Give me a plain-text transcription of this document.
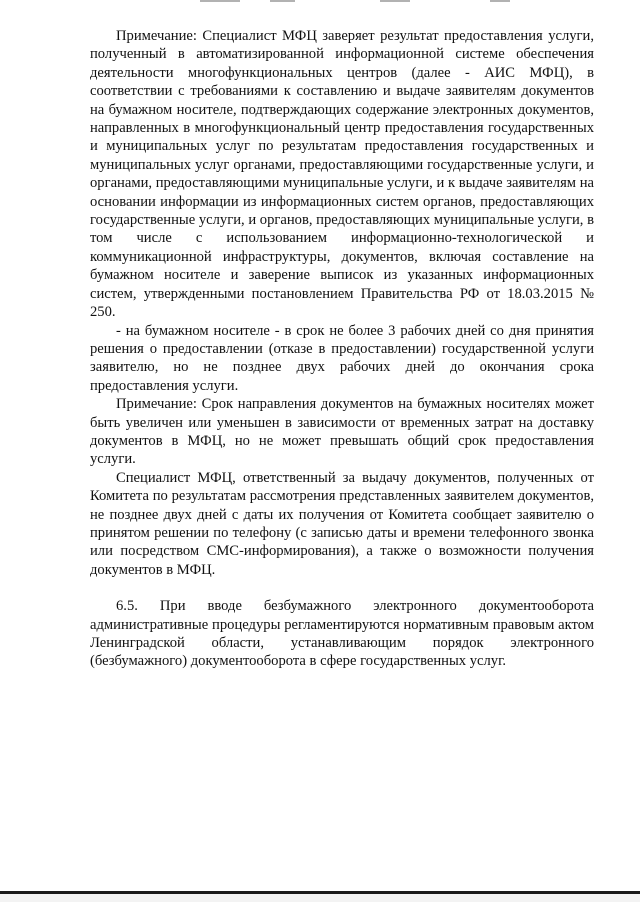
Примечание: Специалист МФЦ заверяет результат предоставления услуги, полученный в автоматизированной информационной системе обеспечения деятельности многофункциональных центров (далее - АИС МФЦ), в соответствии с требованиями к составлению и выдаче заявителям документов на бумажном носителе, подтверждающих содержание электронных документов, направленных в многофункциональный центр предоставления государственных и муниципальных услуг по результатам предоставления государственных и муниципальных услуг органами, предоставляющими государственные услуги, и органами, предоставляющими муниципальные услуги, и к выдаче заявителям на основании информации из информационных систем органов, предоставляющих государственные услуги, и органов, предоставляющих муниципальные услуги, в том числе с использованием информационно-технологической и коммуникационной инфраструктуры, документов, включая составление на бумажном носителе и заверение выписок из указанных информационных систем, утвержденными постановлением Правительства РФ от 18.03.2015 № 250.

- на бумажном носителе - в срок не более 3 рабочих дней со дня принятия решения о предоставлении (отказе в предоставлении) государственной услуги заявителю, но не позднее двух рабочих дней до окончания срока предоставления услуги.

Примечание: Срок направления документов на бумажных носителях может быть увеличен или уменьшен в зависимости от временных затрат на доставку документов в МФЦ, но не может превышать общий срок предоставления услуги.

Специалист МФЦ, ответственный за выдачу документов, полученных от Комитета по результатам рассмотрения представленных заявителем документов, не позднее двух дней с даты их получения от Комитета сообщает заявителю о принятом решении по телефону (с записью даты и времени телефонного звонка или посредством СМС-информирования), а также о возможности получения документов в МФЦ.

6.5. При вводе безбумажного электронного документооборота административные процедуры регламентируются нормативным правовым актом Ленинградской области, устанавливающим порядок электронного (безбумажного) документооборота в сфере государственных услуг.
